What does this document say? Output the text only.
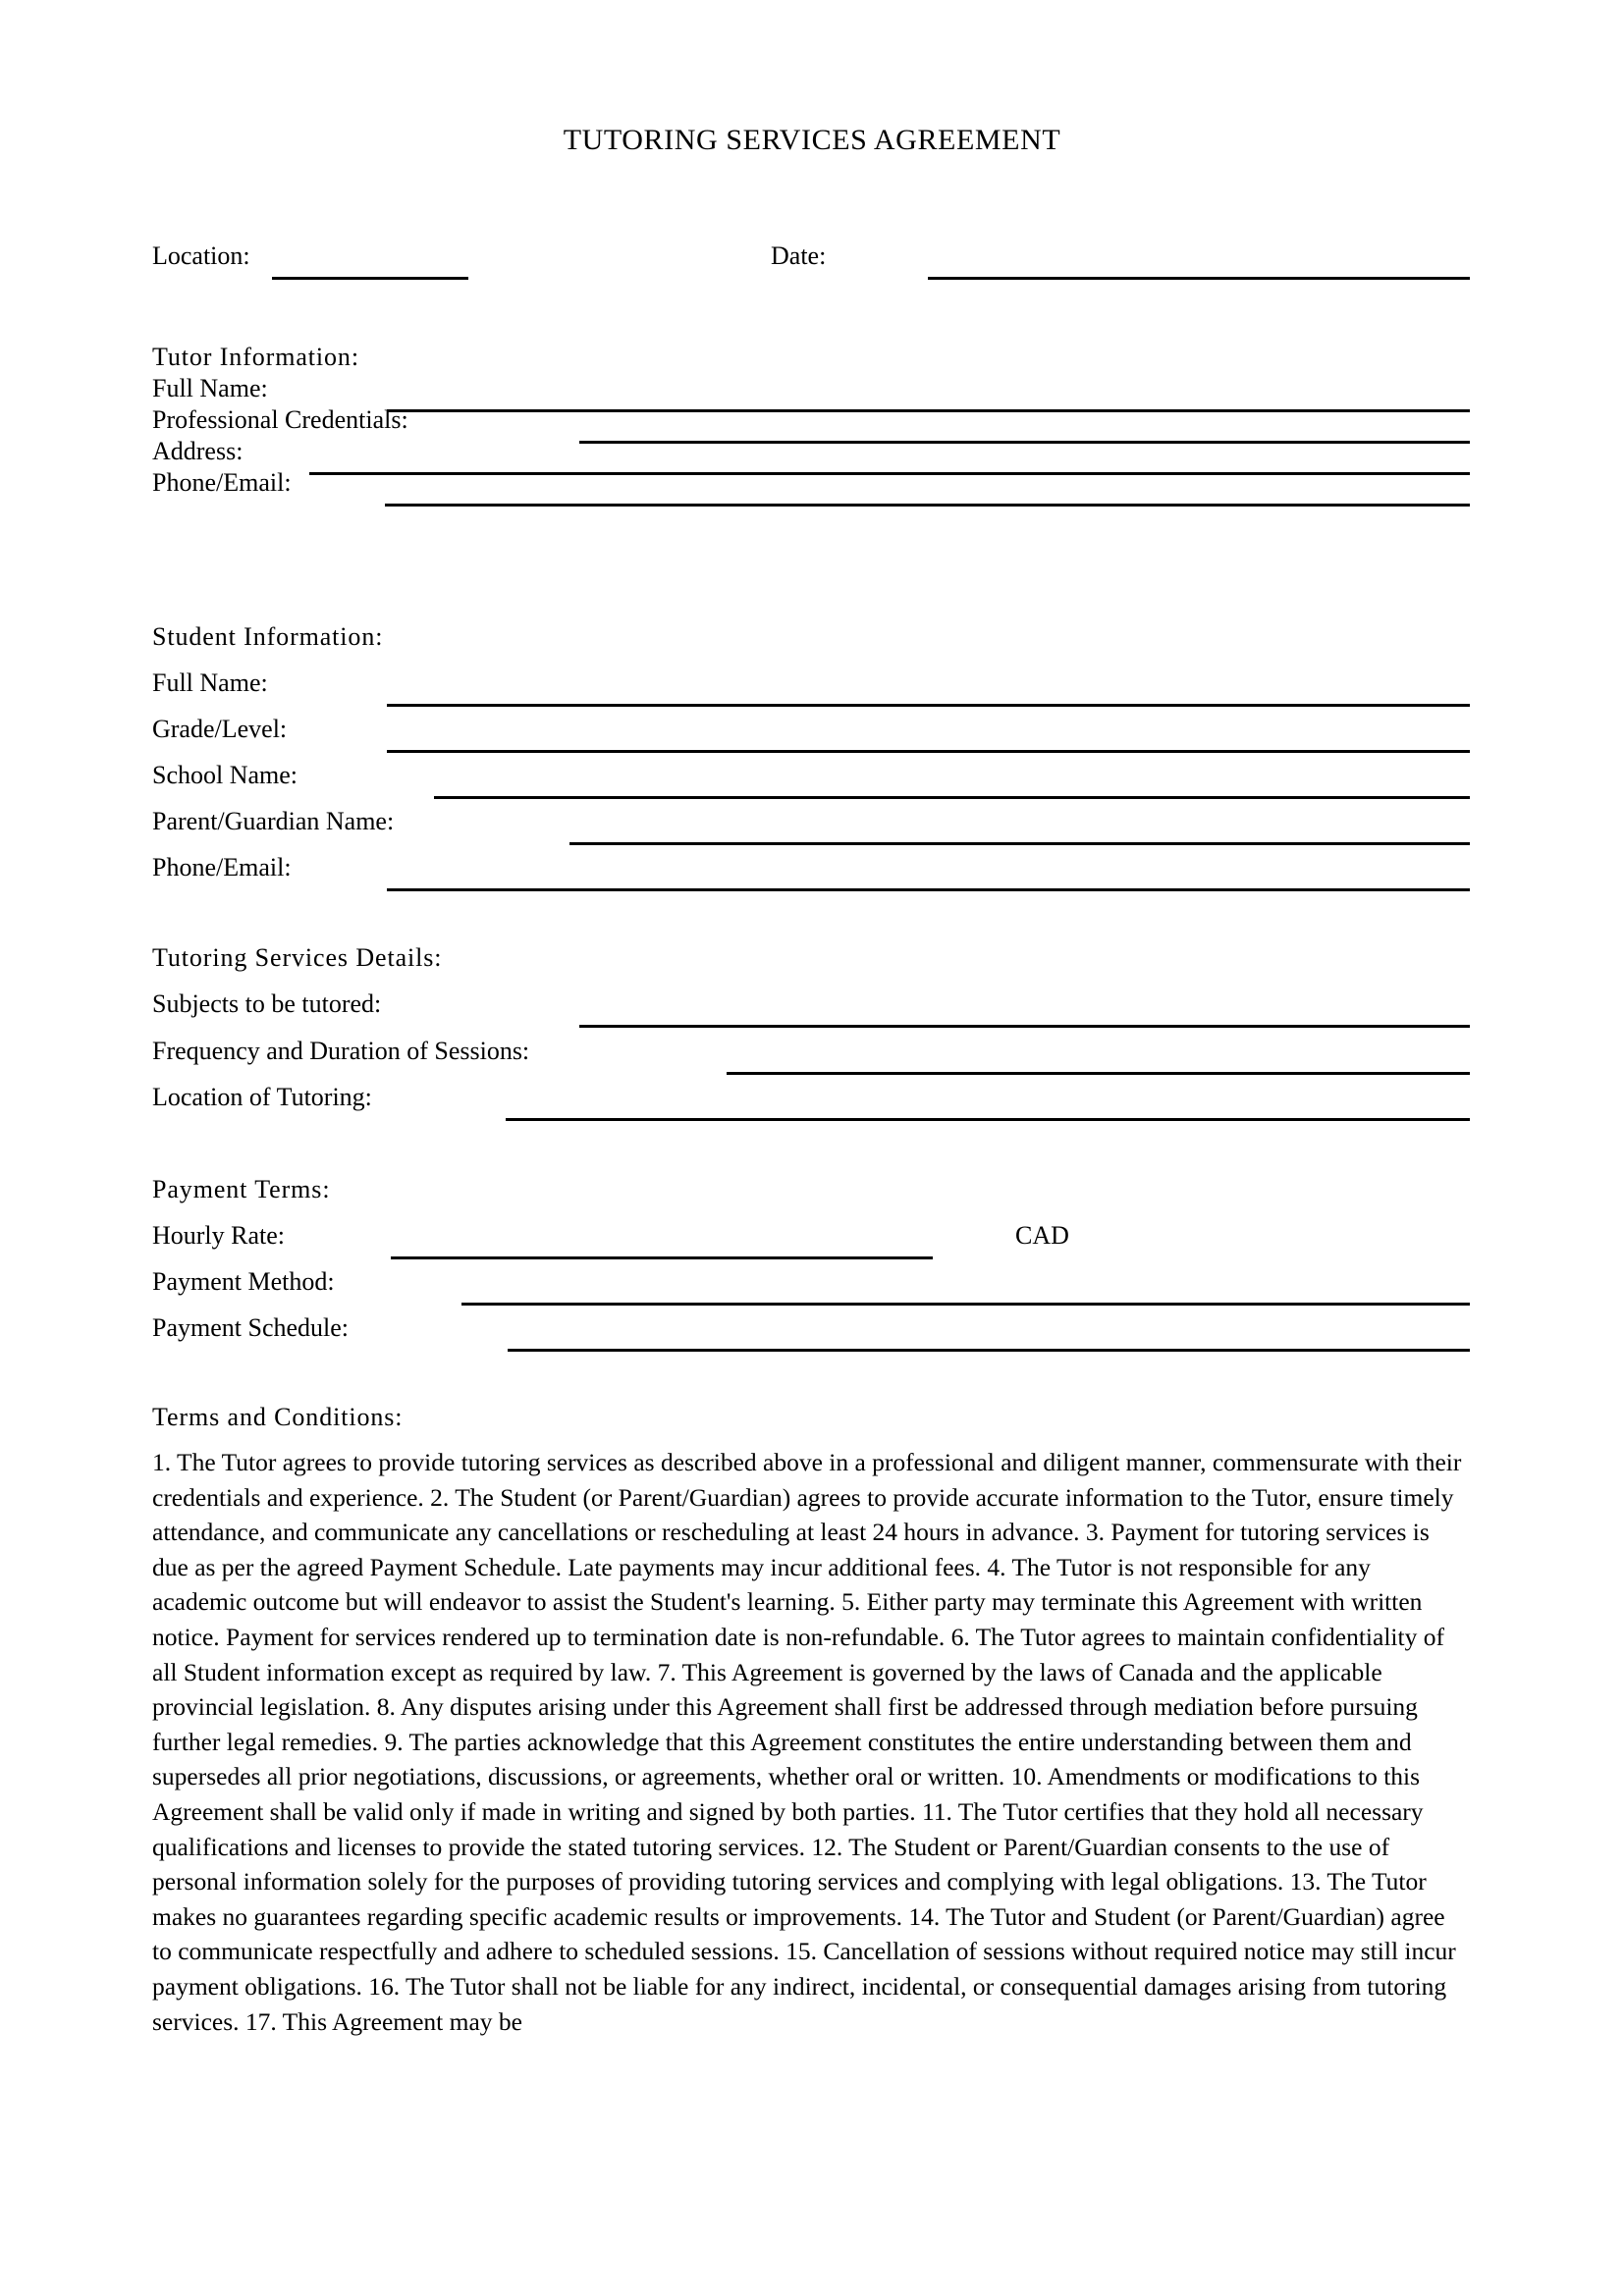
TUTORING SERVICES AGREEMENT
Location:	Date:
Tutor Information:
Full Name:
Professional Credentials:
Address:
Phone/Email:
Student Information:
Full Name:
Grade/Level:
School Name:
Parent/Guardian Name:
Phone/Email:
Tutoring Services Details:
Subjects to be tutored:
Frequency and Duration of Sessions:
Location of Tutoring:
Payment Terms:
Hourly Rate:	CAD
Payment Method:
Payment Schedule:
Terms and Conditions:
1. The Tutor agrees to provide tutoring services as described above in a professional and diligent manner, commensurate with their credentials and experience. 2. The Student (or Parent/Guardian) agrees to provide accurate information to the Tutor, ensure timely attendance, and communicate any cancellations or rescheduling at least 24 hours in advance. 3. Payment for tutoring services is due as per the agreed Payment Schedule. Late payments may incur additional fees. 4. The Tutor is not responsible for any academic outcome but will endeavor to assist the Student's learning. 5. Either party may terminate this Agreement with written notice. Payment for services rendered up to termination date is non-refundable. 6. The Tutor agrees to maintain confidentiality of all Student information except as required by law. 7. This Agreement is governed by the laws of Canada and the applicable provincial legislation. 8. Any disputes arising under this Agreement shall first be addressed through mediation before pursuing further legal remedies. 9. The parties acknowledge that this Agreement constitutes the entire understanding between them and supersedes all prior negotiations, discussions, or agreements, whether oral or written. 10. Amendments or modifications to this Agreement shall be valid only if made in writing and signed by both parties. 11. The Tutor certifies that they hold all necessary qualifications and licenses to provide the stated tutoring services. 12. The Student or Parent/Guardian consents to the use of personal information solely for the purposes of providing tutoring services and complying with legal obligations. 13. The Tutor makes no guarantees regarding specific academic results or improvements. 14. The Tutor and Student (or Parent/Guardian) agree to communicate respectfully and adhere to scheduled sessions. 15. Cancellation of sessions without required notice may still incur payment obligations. 16. The Tutor shall not be liable for any indirect, incidental, or consequential damages arising from tutoring services. 17. This Agreement may be
